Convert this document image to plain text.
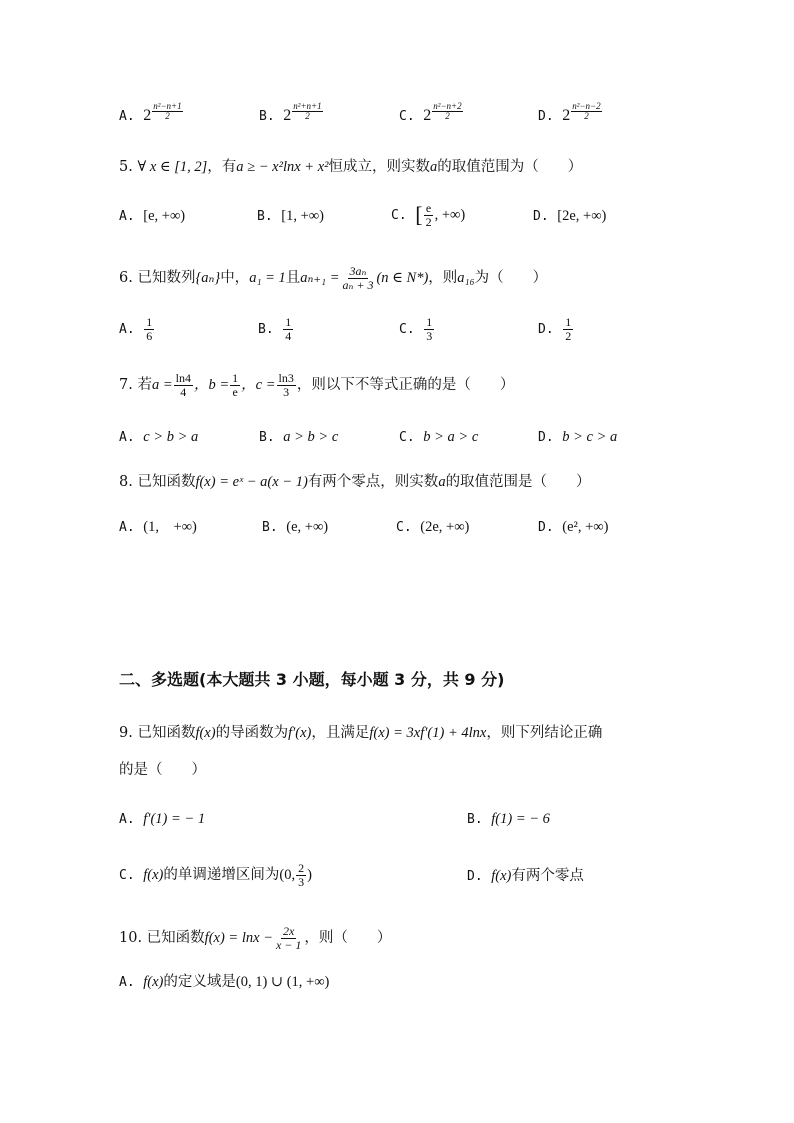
A. 2
n²−n+1
2	B. 2
n²+n+1
2	C. 2
n²−n+2
2	D. 2
n²−n−2
2
5. ∀ x ∈ [1, 2]，有a ≥ − x²lnx + x²恒成立，则实数a的取值范围为（　　）
A. [e, +∞)	B. [1, +∞)	C. [ $\frac{e}{2}$ , +∞)	D. [2e, +∞)
6. 已知数列{aₙ}中，a₁ = 1且$a_{n+1} = \frac{\text{3aₙ}}{\text{aₙ + 3}} (n$ ∈ N*)，则a₁₆为（　　）
A. $\frac{1}{6}$	B. $\frac{1}{4}$	C. $\frac{1}{3}$	D. $\frac{1}{2}$
7. 若$a = \frac{\ln 4}{4}$ ，$b = \frac{1}{e}$ ，$c = \frac{\ln 3}{3}$ ，则以下不等式正确的是（　　）
A. c > b > a	B. a > b > c	C. b > a > c	D. b > c > a
8. 已知函数f(x) = eˣ − a(x − 1)有两个零点，则实数a的取值范围是（　　）
A. (1,　+∞)	B. (e, +∞)	C. (2e, +∞)	D. (e², +∞)
二、多选题(本大题共 3 小题，每小题 3 分，共 9 分)
9. 已知函数f(x)的导函数为f′(x)，且满足f(x) = 3xf′(1) + 4lnx，则下列结论正确
的是（　　）
A. f′(1) = − 1	B. f(1) = − 6
C. f(x)的单调递增区间为(0, $\frac{2}{3}$ )	D. f(x)有两个零点
10. 已知函数$f(x) = \ln x - \frac{2x}{x - 1}$ ，则（　　）
A. f(x)的定义域是(0, 1) ∪ (1, +∞)
